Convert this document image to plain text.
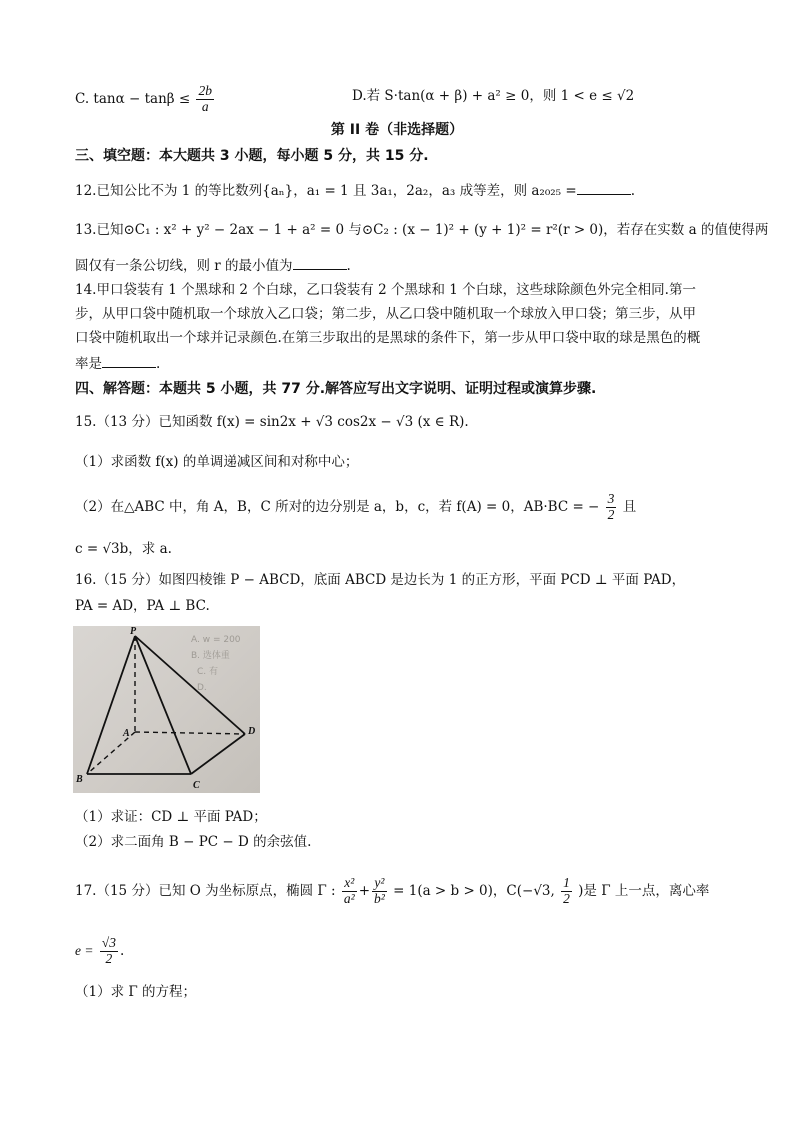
C. $\tan\alpha - \tan\beta \le \frac{2b}{a}$	D.若 S·tan(α + β) + a² ≥ 0，则 1 < e ≤ √2
第 II 卷（非选择题）
三、填空题：本大题共 3 小题，每小题 5 分，共 15 分.
12.已知公比不为 1 的等比数列{aₙ}，a₁ = 1 且 3a₁，2a₂，a₃ 成等差，则 a₂₀₂₅ =	.
13.已知⊙C₁ : x² + y² − 2ax − 1 + a² = 0 与⊙C₂ : (x − 1)² + (y + 1)² = r²(r > 0)，若存在实数 a 的值使得两
圆仅有一条公切线，则 r 的最小值为	.
14.甲口袋装有 1 个黑球和 2 个白球，乙口袋装有 2 个黑球和 1 个白球，这些球除颜色外完全相同.第一
步，从甲口袋中随机取一个球放入乙口袋；第二步，从乙口袋中随机取一个球放入甲口袋；第三步，从甲
口袋中随机取出一个球并记录颜色.在第三步取出的是黑球的条件下，第一步从甲口袋中取的球是黑色的概
率是	.
四、解答题：本题共 5 小题，共 77 分.解答应写出文字说明、证明过程或演算步骤.
15.（13 分）已知函数 f(x) = sin2x + √3 cos2x − √3 (x ∈ R).
（1）求函数 f(x) 的单调递减区间和对称中心；
（2）在△ABC 中，角 A，B，C 所对的边分别是 a，b，c，若 f(A) = 0，AB·BC = − $\frac{3}{2}$ 且
c = √3b，求 a.
16.（15 分）如图四棱锥 P − ABCD，底面 ABCD 是边长为 1 的正方形，平面 PCD ⊥ 平面 PAD，
PA = AD，PA ⊥ BC.
A. w = 200
B. 选体重
C. 有
D.
P
A
B
C
D
（1）求证：CD ⊥ 平面 PAD；
（2）求二面角 B − PC − D 的余弦值.
17.（15 分）已知 O 为坐标原点，椭圆 Γ : $\frac{\text{x²}}{\text{a²}} + \frac{\text{y²}}{\text{b²}} = 1(a > b > 0)$，C(−√3, $\frac{1}{2}$ )是 Γ 上一点，离心率
$e = \frac{√3}{2}$ .
（1）求 Γ 的方程；
